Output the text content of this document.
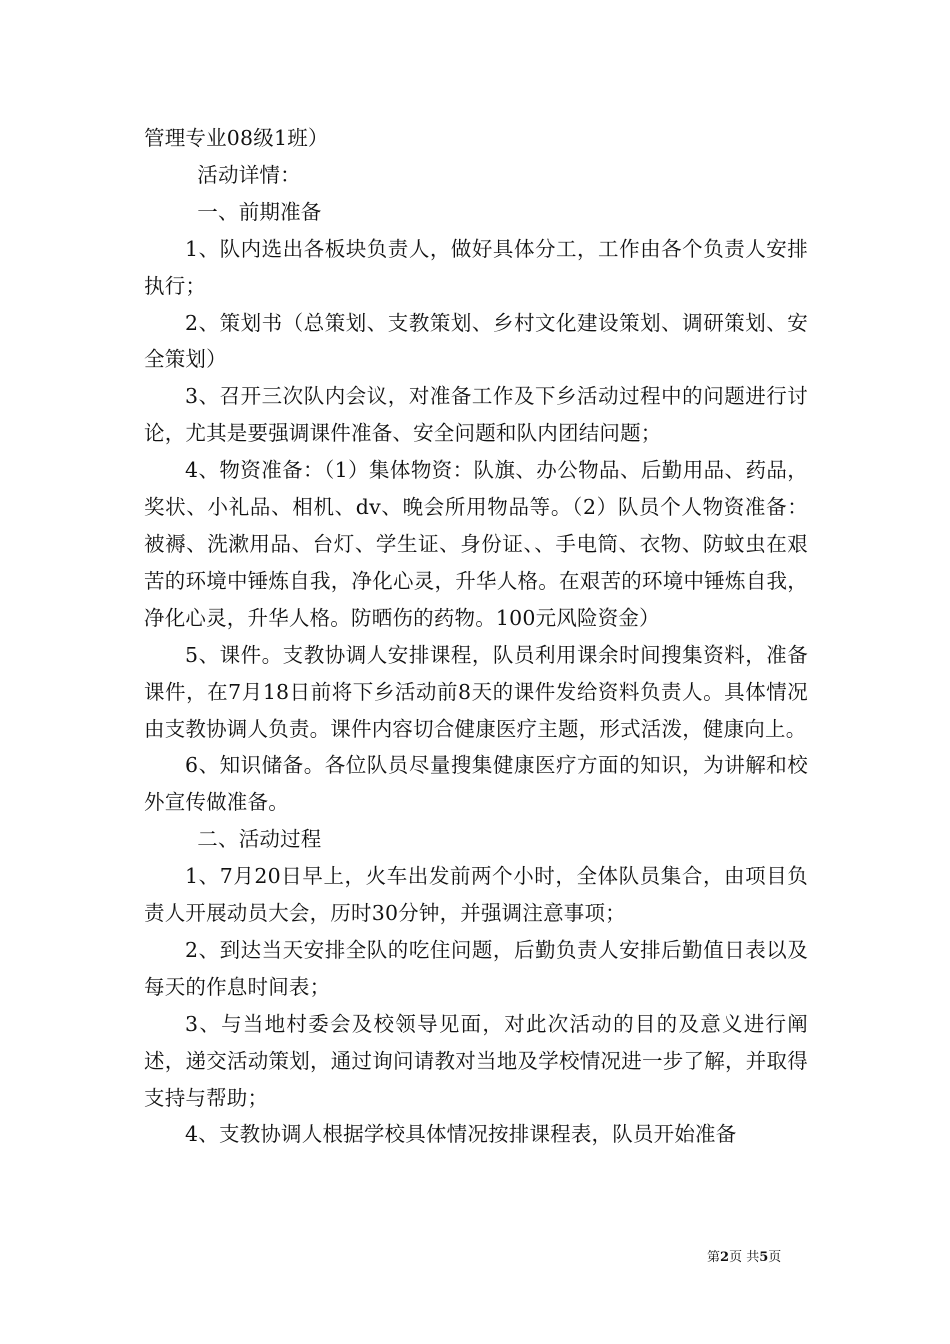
管理专业08级1班）

活动详情：

一、前期准备

1、队内选出各板块负责人，做好具体分工，工作由各个负责人安排执行；

2、策划书（总策划、支教策划、乡村文化建设策划、调研策划、安全策划）

3、召开三次队内会议，对准备工作及下乡活动过程中的问题进行讨论，尤其是要强调课件准备、安全问题和队内团结问题；

4、物资准备：（1）集体物资：队旗、办公物品、后勤用品、药品，奖状、小礼品、相机、dv、晚会所用物品等。（2）队员个人物资准备：被褥、洗漱用品、台灯、学生证、身份证、、手电筒、衣物、防蚊虫在艰苦的环境中锤炼自我，净化心灵，升华人格。在艰苦的环境中锤炼自我，净化心灵，升华人格。防晒伤的药物。100元风险资金）

5、课件。支教协调人安排课程，队员利用课余时间搜集资料，准备课件，在7月18日前将下乡活动前8天的课件发给资料负责人。具体情况由支教协调人负责。课件内容切合健康医疗主题，形式活泼，健康向上。

6、知识储备。各位队员尽量搜集健康医疗方面的知识，为讲解和校外宣传做准备。

二、活动过程

1、7月20日早上，火车出发前两个小时，全体队员集合，由项目负责人开展动员大会，历时30分钟，并强调注意事项；

2、到达当天安排全队的吃住问题，后勤负责人安排后勤值日表以及每天的作息时间表；

3、与当地村委会及校领导见面，对此次活动的目的及意义进行阐述，递交活动策划，通过询问请教对当地及学校情况进一步了解，并取得支持与帮助；

4、支教协调人根据学校具体情况按排课程表，队员开始准备

第2页 共5页
